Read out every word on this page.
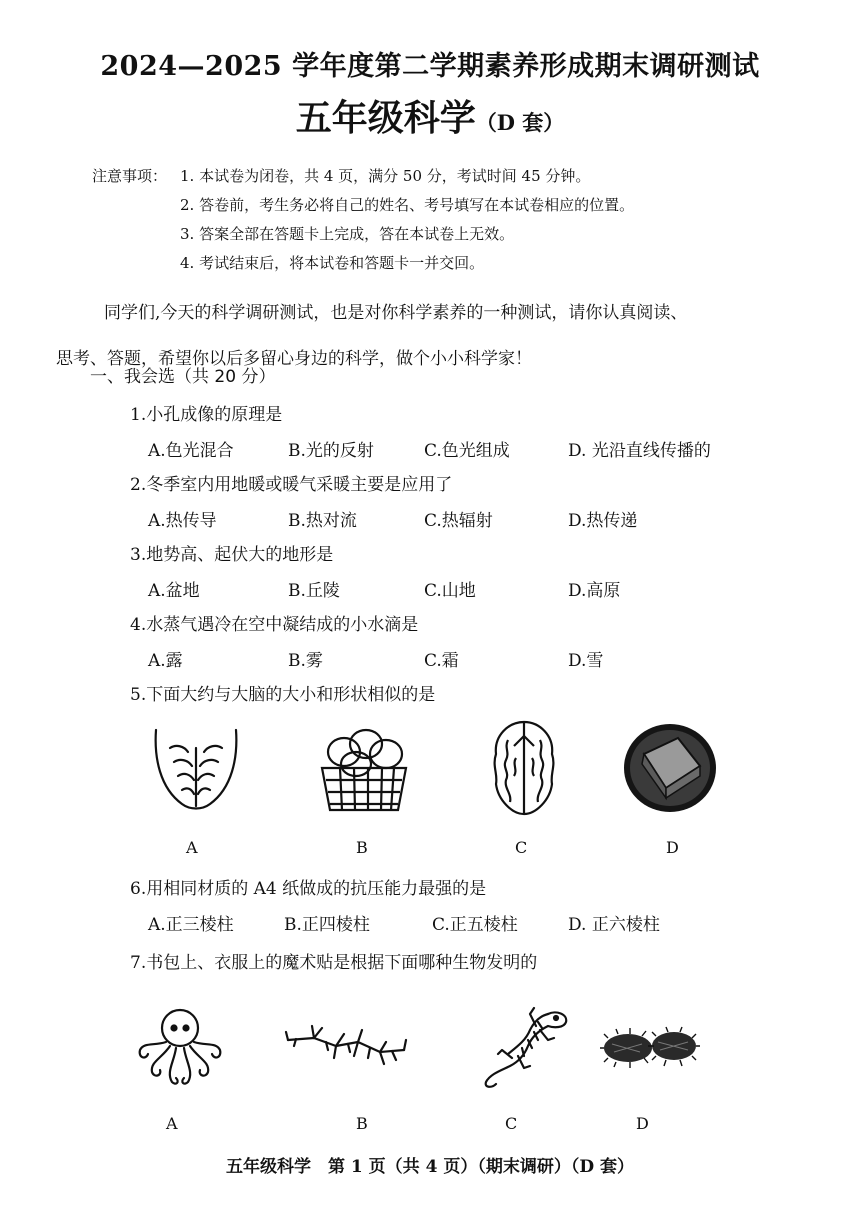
2024—2025 学年度第二学期素养形成期末调研测试
五年级科学（D 套）
注意事项： 1. 本试卷为闭卷，共 4 页，满分 50 分，考试时间 45 分钟。
2. 答卷前，考生务必将自己的姓名、考号填写在本试卷相应的位置。
3. 答案全部在答题卡上完成，答在本试卷上无效。
4. 考试结束后，将本试卷和答题卡一并交回。
同学们,今天的科学调研测试，也是对你科学素养的一种测试，请你认真阅读、
思考、答题，希望你以后多留心身边的科学，做个小小科学家！
一、我会选（共 20 分）
1.小孔成像的原理是
A.色光混合	B.光的反射	C.色光组成	D. 光沿直线传播的
2.冬季室内用地暖或暖气采暖主要是应用了
A.热传导	B.热对流	C.热辐射	D.热传递
3.地势高、起伏大的地形是
A.盆地	B.丘陵	C.山地	D.高原
4.水蒸气遇冷在空中凝结成的小水滴是
A.露	B.雾	C.霜	D.雪
5.下面大约与大脑的大小和形状相似的是
A	B	C	D
6.用相同材质的 A4 纸做成的抗压能力最强的是
A.正三棱柱	B.正四棱柱	C.正五棱柱	D. 正六棱柱
7.书包上、衣服上的魔术贴是根据下面哪种生物发明的
A	B	C	D
五年级科学　第 1 页（共 4 页）（期末调研）（D 套）
